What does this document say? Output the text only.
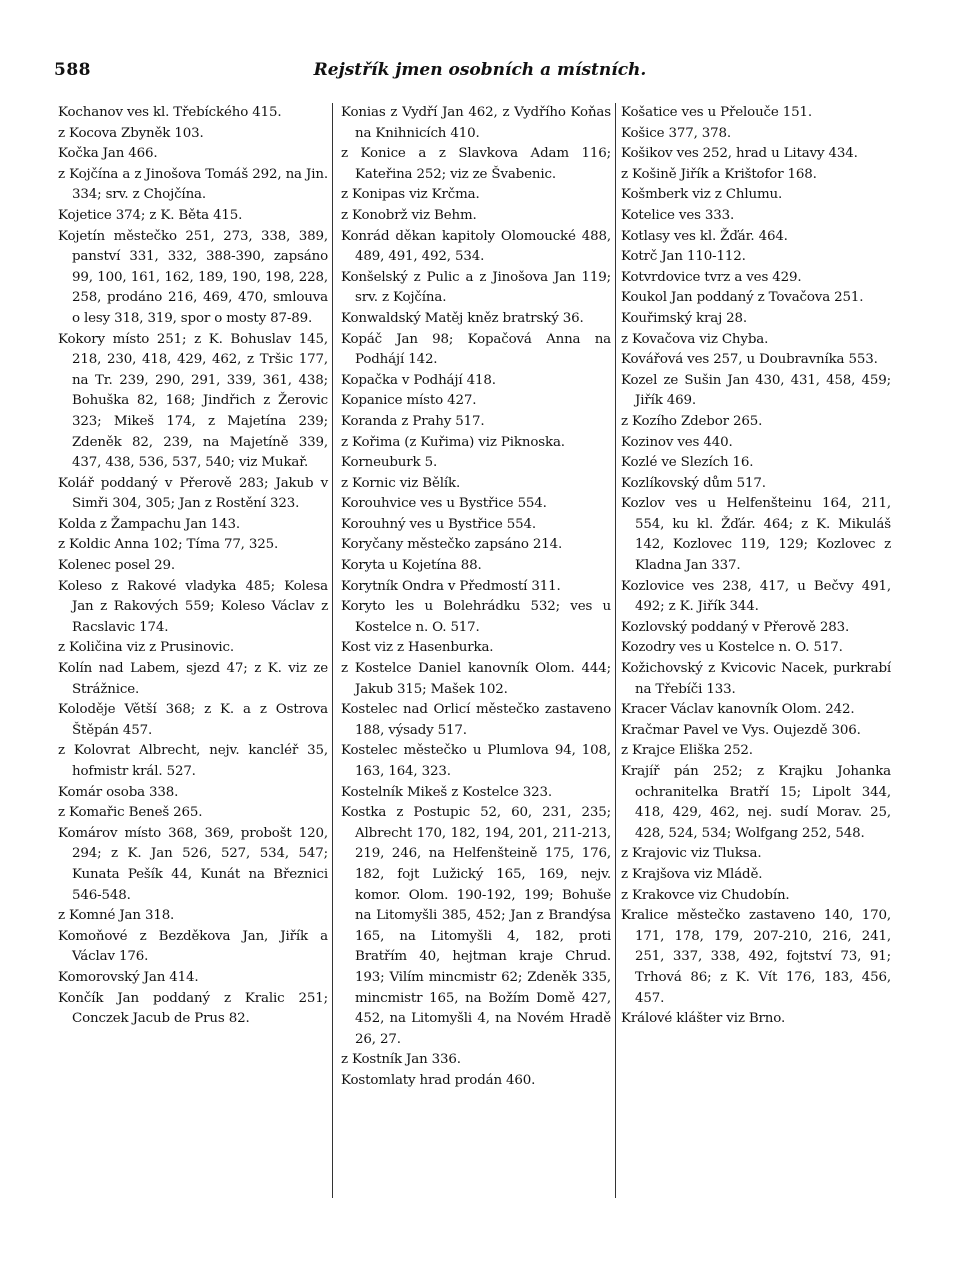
588	Rejstřík jmen osobních a místních.
Kochanov ves kl. Třebíckého 415.
z Kocova Zbyněk 103.
Kočka Jan 466.
z Kojčína a z Jinošova Tomáš 292, na Jin. 334; srv. z Chojčína.
Kojetice 374; z K. Běta 415.
Kojetín městečko 251, 273, 338, 389, panství 331, 332, 388-390, zapsáno 99, 100, 161, 162, 189, 190, 198, 228, 258, prodáno 216, 469, 470, smlouva o lesy 318, 319, spor o mosty 87-89.
Kokory místo 251; z K. Bohuslav 145, 218, 230, 418, 429, 462, z Tršic 177, na Tr. 239, 290, 291, 339, 361, 438; Bohuška 82, 168; Jindřich z Žerovic 323; Mikeš 174, z Majetína 239; Zdeněk 82, 239, na Majetíně 339, 437, 438, 536, 537, 540; viz Mukař.
Kolář poddaný v Přerově 283; Jakub v Simři 304, 305; Jan z Rostění 323.
Kolda z Žampachu Jan 143.
z Koldic Anna 102; Tíma 77, 325.
Kolenec posel 29.
Koleso z Rakové vladyka 485; Kolesa Jan z Rakových 559; Koleso Václav z Racslavic 174.
z Količina viz z Prusinovic.
Kolín nad Labem, sjezd 47; z K. viz ze Strážnice.
Koloděje Větší 368; z K. a z Ostrova Štěpán 457.
z Kolovrat Albrecht, nejv. kancléř 35, hofmistr král. 527.
Komár osoba 338.
z Komařic Beneš 265.
Komárov místo 368, 369, probošt 120, 294; z K. Jan 526, 527, 534, 547; Kunata Pešík 44, Kunát na Březnici 546-548.
z Komné Jan 318.
Komoňové z Bezděkova Jan, Jiřík a Václav 176.
Komorovský Jan 414.
Končík Jan poddaný z Kralic 251; Conczek Jacub de Prus 82.
Konias z Vydří Jan 462, z Vydřího Koňas na Knihnicích 410.
z Konice a z Slavkova Adam 116; Kateřina 252; viz ze Švabenic.
z Konipas viz Krčma.
z Konobrž viz Behm.
Konrád děkan kapitoly Olomoucké 488, 489, 491, 492, 534.
Konšelský z Pulic a z Jinošova Jan 119; srv. z Kojčína.
Konwaldský Matěj kněz bratrský 36.
Kopáč Jan 98; Kopačová Anna na Podhájí 142.
Kopačka v Podhájí 418.
Kopanice místo 427.
Koranda z Prahy 517.
z Kořima (z Kuřima) viz Piknoska.
Korneuburk 5.
z Kornic viz Bělík.
Korouhvice ves u Bystřice 554.
Korouhný ves u Bystřice 554.
Koryčany městečko zapsáno 214.
Koryta u Kojetína 88.
Korytník Ondra v Předmostí 311.
Koryto les u Bolehrádku 532; ves u Kostelce n. O. 517.
Kost viz z Hasenburka.
z Kostelce Daniel kanovník Olom. 444; Jakub 315; Mašek 102.
Kostelec nad Orlicí městečko zastaveno 188, výsady 517.
Kostelec městečko u Plumlova 94, 108, 163, 164, 323.
Kostelník Mikeš z Kostelce 323.
Kostka z Postupic 52, 60, 231, 235; Albrecht 170, 182, 194, 201, 211-213, 219, 246, na Helfenšteině 175, 176, 182, fojt Lužický 165, 169, nejv. komor. Olom. 190-192, 199; Bohuše na Litomyšli 385, 452; Jan z Brandýsa 165, na Litomyšli 4, 182, proti Bratřím 40, hejtman kraje Chrud. 193; Vilím mincmistr 62; Zdeněk 335, mincmistr 165, na Božím Domě 427, 452, na Litomyšli 4, na Novém Hradě 26, 27.
z Kostník Jan 336.
Kostomlaty hrad prodán 460.
Košatice ves u Přelouče 151.
Košice 377, 378.
Košikov ves 252, hrad u Litavy 434.
z Košině Jiřík a Krištofor 168.
Košmberk viz z Chlumu.
Kotelice ves 333.
Kotlasy ves kl. Žďár. 464.
Kotrč Jan 110-112.
Kotvrdovice tvrz a ves 429.
Koukol Jan poddaný z Tovačova 251.
Kouřimský kraj 28.
z Kovačova viz Chyba.
Kovářová ves 257, u Doubravníka 553.
Kozel ze Sušin Jan 430, 431, 458, 459; Jiřík 469.
z Kozího Zdebor 265.
Kozinov ves 440.
Kozlé ve Slezích 16.
Kozlíkovský dům 517.
Kozlov ves u Helfenšteinu 164, 211, 554, ku kl. Žďár. 464; z K. Mikuláš 142, Kozlovec 119, 129; Kozlovec z Kladna Jan 337.
Kozlovice ves 238, 417, u Bečvy 491, 492; z K. Jiřík 344.
Kozlovský poddaný v Přerově 283.
Kozodry ves u Kostelce n. O. 517.
Kožichovský z Kvicovic Nacek, purkrabí na Třebíči 133.
Kracer Václav kanovník Olom. 242.
Kračmar Pavel ve Vys. Oujezdě 306.
z Krajce Eliška 252.
Krajíř pán 252; z Krajku Johanka ochranitelka Bratří 15; Lipolt 344, 418, 429, 462, nej. sudí Morav. 25, 428, 524, 534; Wolfgang 252, 548.
z Krajovic viz Tluksa.
z Krajšova viz Mládě.
z Krakovce viz Chudobín.
Kralice městečko zastaveno 140, 170, 171, 178, 179, 207-210, 216, 241, 251, 337, 338, 492, fojtství 73, 91; Trhová 86; z K. Vít 176, 183, 456, 457.
Králové klášter viz Brno.
